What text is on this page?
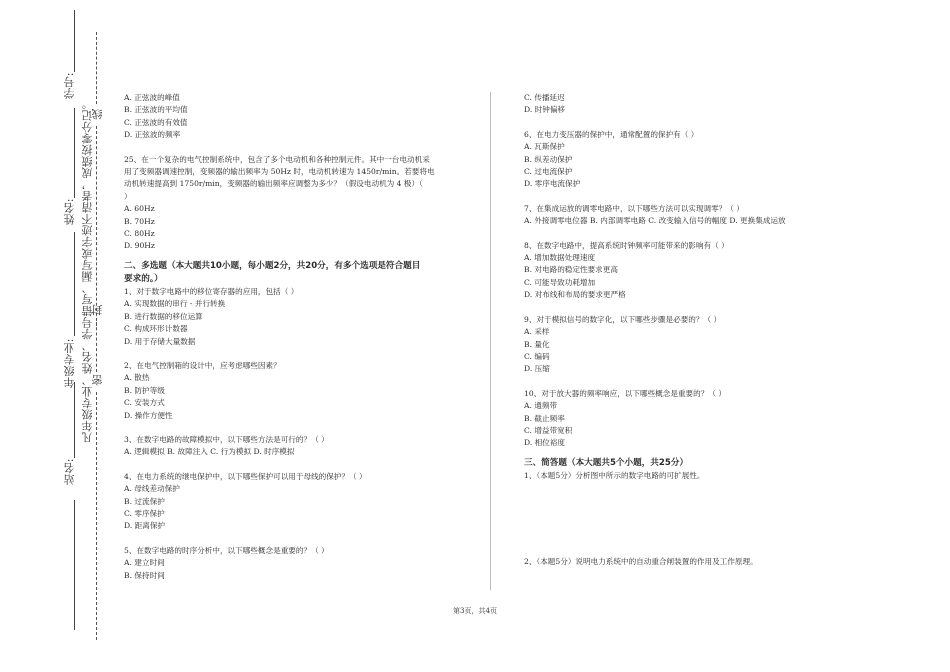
学号:
姓名:
年级专业:
站名:
凡年级专业、姓名、学号错写、漏写或字迹不清者，成绩按零分记。
线
封
密

A. 正弦波的峰值

B. 正弦波的平均值

C. 正弦波的有效值

D. 正弦波的频率

25、在一个复杂的电气控制系统中，包含了多个电动机和各种控制元件。其中一台电动机采

用了变频器调速控制，变频器的输出频率为 50Hz 时，电动机转速为 1450r/min。若要将电

动机转速提高到 1750r/min，变频器的输出频率应调整为多少？（假设电动机为 4 极）（

）

A. 60Hz

B. 70Hz

C. 80Hz

D. 90Hz

二、多选题（本大题共10小题，每小题2分，共20分，有多个选项是符合题目

要求的。）

1、对于数字电路中的移位寄存器的应用，包括（ ）

A. 实现数据的串行 - 并行转换

B. 进行数据的移位运算

C. 构成环形计数器

D. 用于存储大量数据

2、在电气控制箱的设计中，应考虑哪些因素？

A. 散热

B. 防护等级

C. 安装方式

D. 操作方便性

3、在数字电路的故障模拟中，以下哪些方法是可行的？（ ）

A. 逻辑模拟 B. 故障注入 C. 行为模拟 D. 时序模拟

4、在电力系统的继电保护中，以下哪些保护可以用于母线的保护？（ ）

A. 母线差动保护

B. 过流保护

C. 零序保护

D. 距离保护

5、在数字电路的时序分析中，以下哪些概念是重要的？（ ）

A. 建立时间

B. 保持时间

C. 传播延迟

D. 时钟偏移

6、在电力变压器的保护中，通常配置的保护有（ ）

A. 瓦斯保护

B. 纵差动保护

C. 过电流保护

D. 零序电流保护

7、在集成运放的调零电路中，以下哪些方法可以实现调零？（ ）

A. 外接调零电位器 B. 内部调零电路 C. 改变输入信号的幅度 D. 更换集成运放

8、在数字电路中，提高系统时钟频率可能带来的影响有（ ）

A. 增加数据处理速度

B. 对电路的稳定性要求更高

C. 可能导致功耗增加

D. 对布线和布局的要求更严格

9、对于模拟信号的数字化，以下哪些步骤是必要的？（ ）

A. 采样

B. 量化

C. 编码

D. 压缩

10、对于放大器的频率响应，以下哪些概念是重要的？（ ）

A. 通频带

B. 截止频率

C. 增益带宽积

D. 相位裕度

三、简答题（本大题共5个小题，共25分）

1、（本题5分）分析图中所示的数字电路的可扩展性。

2、（本题5分）说明电力系统中的自动重合闸装置的作用及工作原理。

第3页，共4页
